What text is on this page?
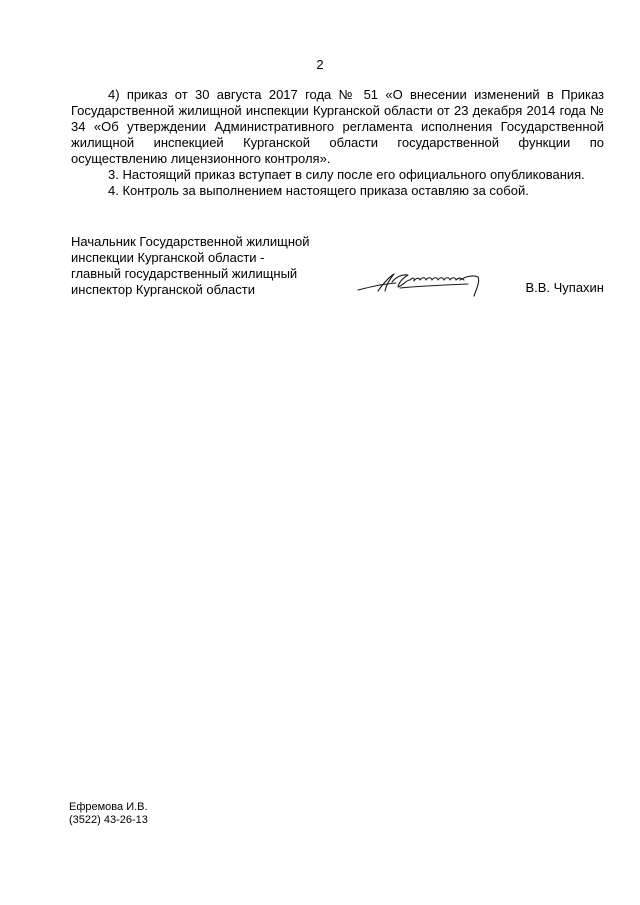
2

4) приказ от 30 августа 2017 года № 51 «О внесении изменений в Приказ Государственной жилищной инспекции Курганской области от 23 декабря 2014 года № 34 «Об утверждении Административного регламента исполнения Государственной жилищной инспекцией Курганской области государственной функции по осуществлению лицензионного контроля».

3. Настоящий приказ вступает в силу после его официального опубликования.

4. Контроль за выполнением настоящего приказа оставляю за собой.

Начальник Государственной жилищной
инспекции Курганской области -
главный государственный жилищный
инспектор Курганской области	В.В. Чупахин
Ефремова И.В.
(3522) 43-26-13
